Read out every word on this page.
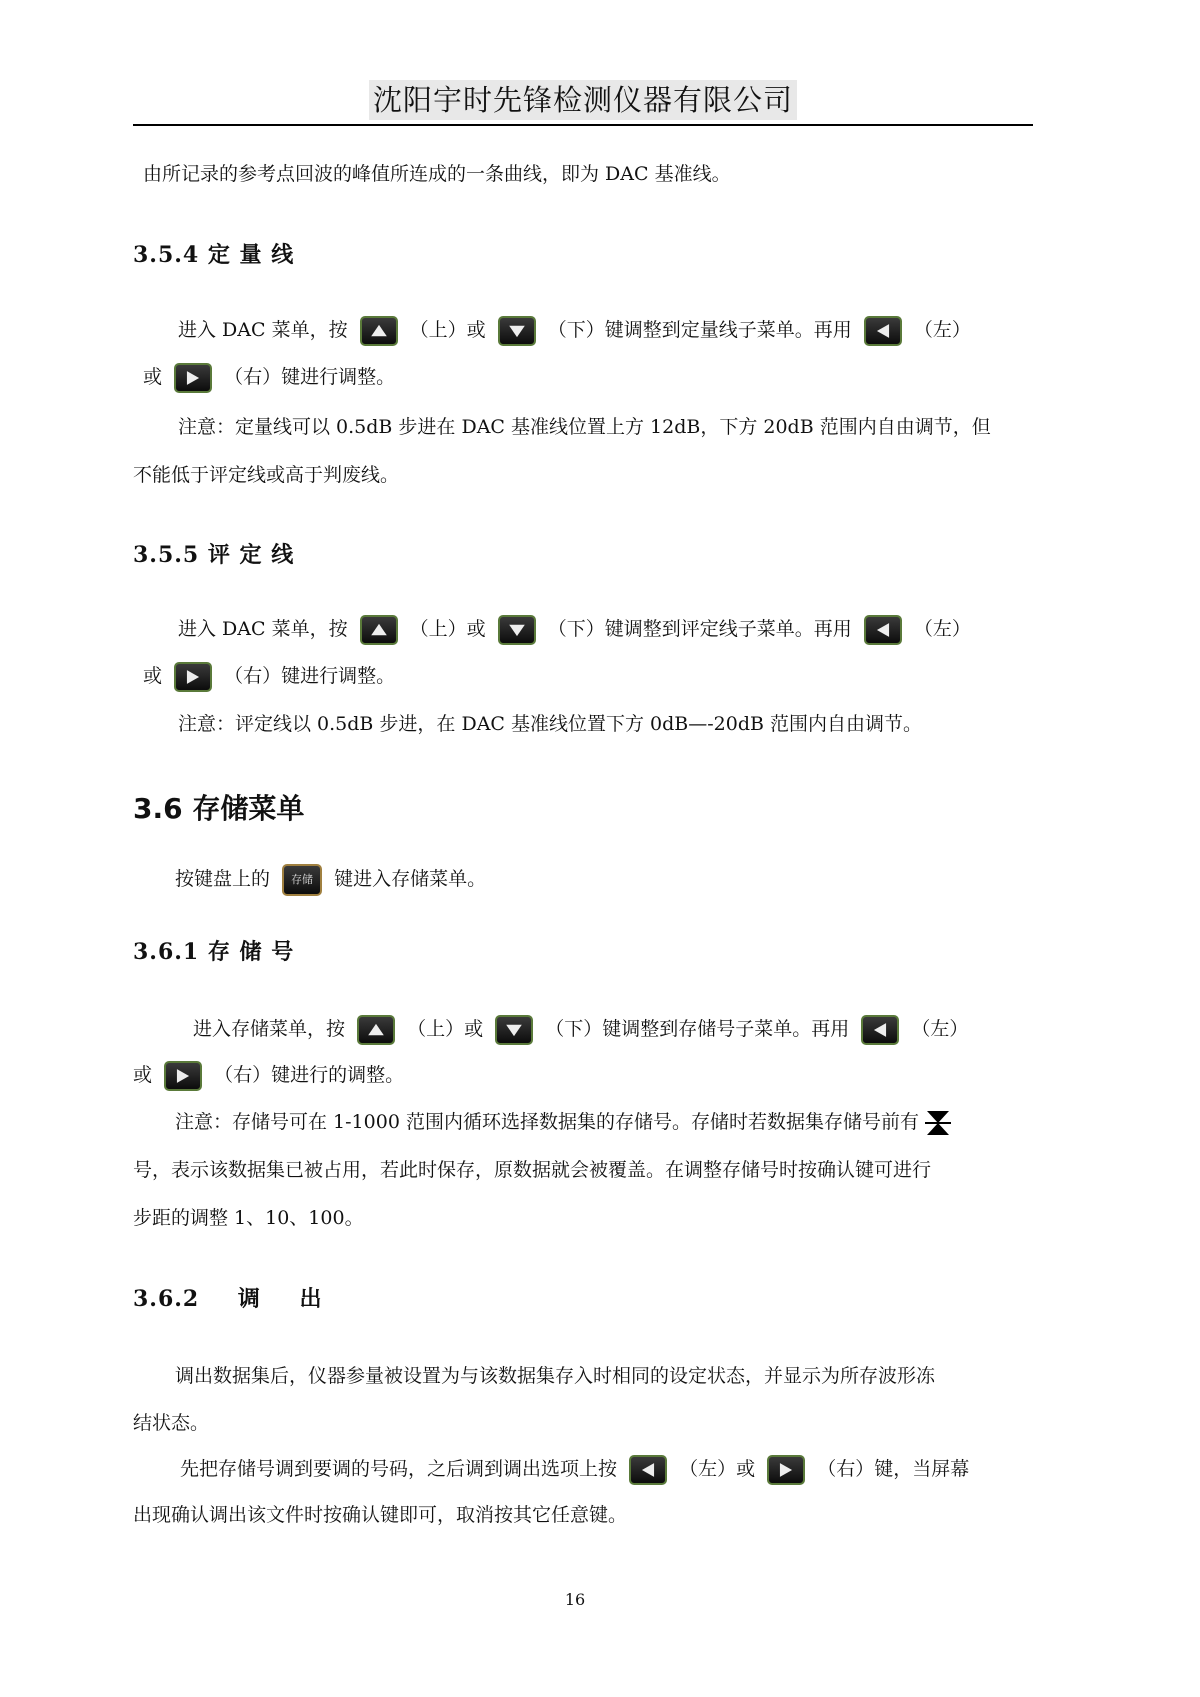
沈阳宇时先锋检测仪器有限公司
由所记录的参考点回波的峰值所连成的一条曲线，即为 DAC 基准线。
3.5.4 定 量 线
进入 DAC 菜单，按	（上）或	（下）键调整到定量线子菜单。再用	（左）
或	（右）键进行调整。
注意：定量线可以 0.5dB 步进在 DAC 基准线位置上方 12dB，下方 20dB 范围内自由调节，但
不能低于评定线或高于判废线。
3.5.5 评 定 线
进入 DAC 菜单，按	（上）或	（下）键调整到评定线子菜单。再用	（左）
或	（右）键进行调整。
注意：评定线以 0.5dB 步进，在 DAC 基准线位置下方 0dB—-20dB 范围内自由调节。
3.6 存储菜单
按键盘上的 存储 键进入存储菜单。
3.6.1 存 储 号
进入存储菜单，按	（上）或	（下）键调整到存储号子菜单。再用	（左）
或	（右）键进行的调整。
注意：存储号可在 1-1000 范围内循环选择数据集的存储号。存储时若数据集存储号前有
号，表示该数据集已被占用，若此时保存，原数据就会被覆盖。在调整存储号时按确认键可进行
步距的调整 1、10、100。
3.6.2 调 出
调出数据集后，仪器参量被设置为与该数据集存入时相同的设定状态，并显示为所存波形冻
结状态。
先把存储号调到要调的号码，之后调到调出选项上按	（左）或	（右）键，当屏幕
出现确认调出该文件时按确认键即可，取消按其它任意键。
16
